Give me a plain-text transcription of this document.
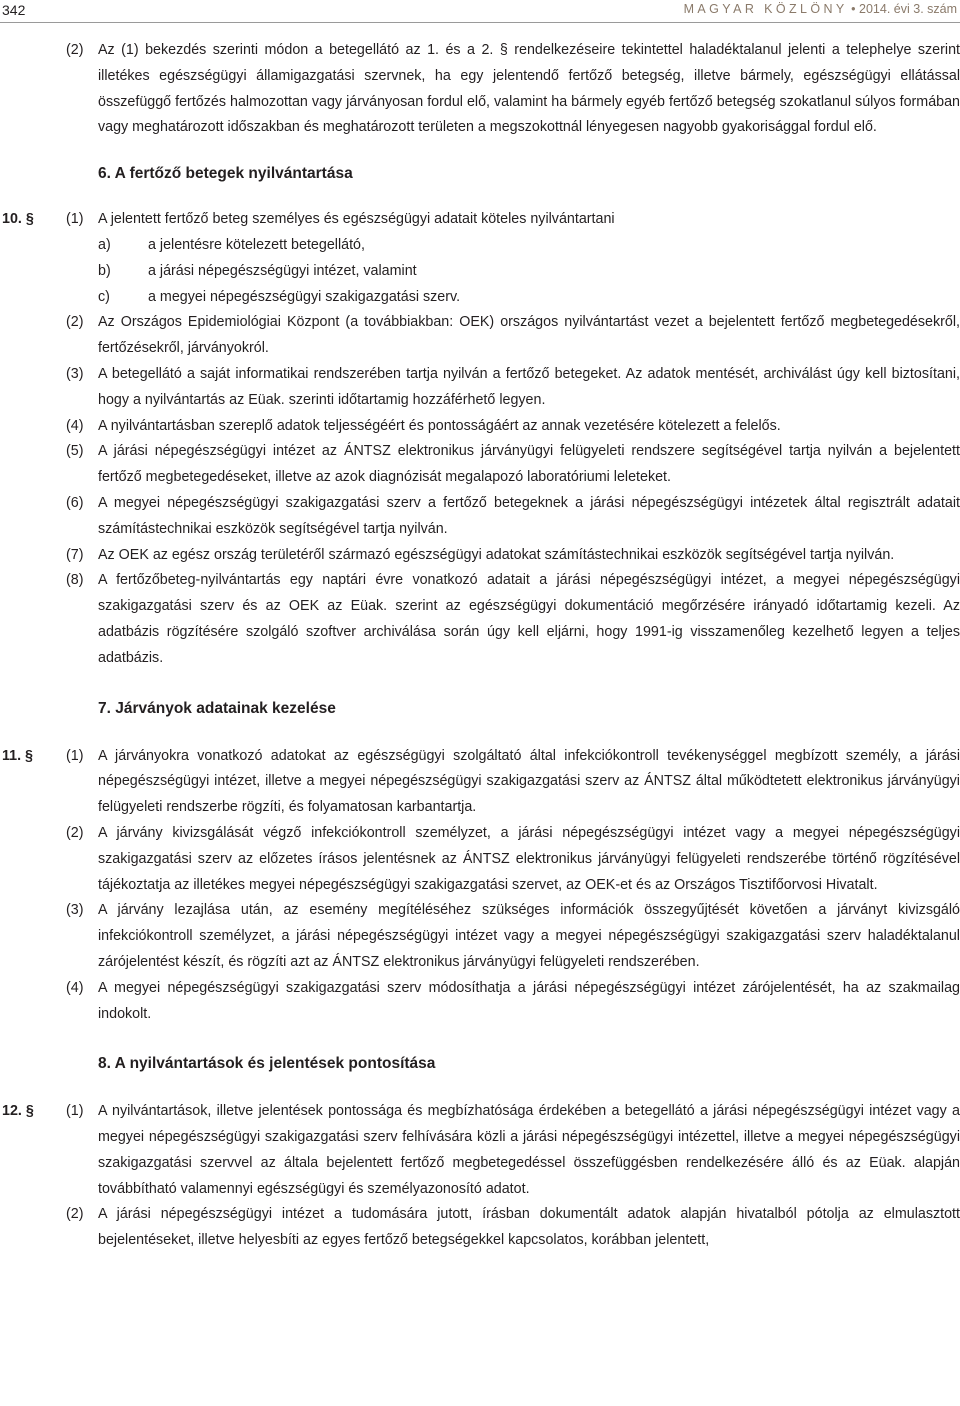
342	MAGYAR KÖZLÖNY • 2014. évi 3. szám
(2) Az (1) bekezdés szerinti módon a betegellátó az 1. és a 2. § rendelkezéseire tekintettel haladéktalanul jelenti a telephelye szerint illetékes egészségügyi államigazgatási szervnek, ha egy jelentendő fertőző betegség, illetve bármely, egészségügyi ellátással összefüggő fertőzés halmozottan vagy járványosan fordul elő, valamint ha bármely egyéb fertőző betegség szokatlanul súlyos formában vagy meghatározott időszakban és meghatározott területen a megszokottnál lényegesen nagyobb gyakorisággal fordul elő.
6. A fertőző betegek nyilvántartása
10. § (1) A jelentett fertőző beteg személyes és egészségügyi adatait köteles nyilvántartani
a)	a jelentésre kötelezett betegellátó,
b)	a járási népegészségügyi intézet, valamint
c)	a megyei népegészségügyi szakigazgatási szerv.
(2) Az Országos Epidemiológiai Központ (a továbbiakban: OEK) országos nyilvántartást vezet a bejelentett fertőző megbetegedésekről, fertőzésekről, járványokról.
(3) A betegellátó a saját informatikai rendszerében tartja nyilván a fertőző betegeket. Az adatok mentését, archiválást úgy kell biztosítani, hogy a nyilvántartás az Eüak. szerinti időtartamig hozzáférhető legyen.
(4) A nyilvántartásban szereplő adatok teljességéért és pontosságáért az annak vezetésére kötelezett a felelős.
(5) A járási népegészségügyi intézet az ÁNTSZ elektronikus járványügyi felügyeleti rendszere segítségével tartja nyilván a bejelentett fertőző megbetegedéseket, illetve az azok diagnózisát megalapozó laboratóriumi leleteket.
(6) A megyei népegészségügyi szakigazgatási szerv a fertőző betegeknek a járási népegészségügyi intézetek által regisztrált adatait számítástechnikai eszközök segítségével tartja nyilván.
(7) Az OEK az egész ország területéről származó egészségügyi adatokat számítástechnikai eszközök segítségével tartja nyilván.
(8) A fertőzőbeteg-nyilvántartás egy naptári évre vonatkozó adatait a járási népegészségügyi intézet, a megyei népegészségügyi szakigazgatási szerv és az OEK az Eüak. szerint az egészségügyi dokumentáció megőrzésére irányadó időtartamig kezeli. Az adatbázis rögzítésére szolgáló szoftver archiválása során úgy kell eljárni, hogy 1991-ig visszamenőleg kezelhető legyen a teljes adatbázis.
7. Járványok adatainak kezelése
11. § (1) A járványokra vonatkozó adatokat az egészségügyi szolgáltató által infekciókontroll tevékenységgel megbízott személy, a járási népegészségügyi intézet, illetve a megyei népegészségügyi szakigazgatási szerv az ÁNTSZ által működtetett elektronikus járványügyi felügyeleti rendszerbe rögzíti, és folyamatosan karbantartja.
(2) A járvány kivizsgálását végző infekciókontroll személyzet, a járási népegészségügyi intézet vagy a megyei népegészségügyi szakigazgatási szerv az előzetes írásos jelentésnek az ÁNTSZ elektronikus járványügyi felügyeleti rendszerébe történő rögzítésével tájékoztatja az illetékes megyei népegészségügyi szakigazgatási szervet, az OEK-et és az Országos Tisztifőorvosi Hivatalt.
(3) A járvány lezajlása után, az esemény megítéléséhez szükséges információk összegyűjtését követően a járványt kivizsgáló infekciókontroll személyzet, a járási népegészségügyi intézet vagy a megyei népegészségügyi szakigazgatási szerv haladéktalanul zárójelentést készít, és rögzíti azt az ÁNTSZ elektronikus járványügyi felügyeleti rendszerében.
(4) A megyei népegészségügyi szakigazgatási szerv módosíthatja a járási népegészségügyi intézet zárójelentését, ha az szakmailag indokolt.
8. A nyilvántartások és jelentések pontosítása
12. § (1) A nyilvántartások, illetve jelentések pontossága és megbízhatósága érdekében a betegellátó a járási népegészségügyi intézet vagy a megyei népegészségügyi szakigazgatási szerv felhívására közli a járási népegészségügyi intézettel, illetve a megyei népegészségügyi szakigazgatási szervvel az általa bejelentett fertőző megbetegedéssel összefüggésben rendelkezésére álló és az Eüak. alapján továbbítható valamennyi egészségügyi és személyazonosító adatot.
(2) A járási népegészségügyi intézet a tudomására jutott, írásban dokumentált adatok alapján hivatalból pótolja az elmulasztott bejelentéseket, illetve helyesbíti az egyes fertőző betegségekkel kapcsolatos, korábban jelentett,
